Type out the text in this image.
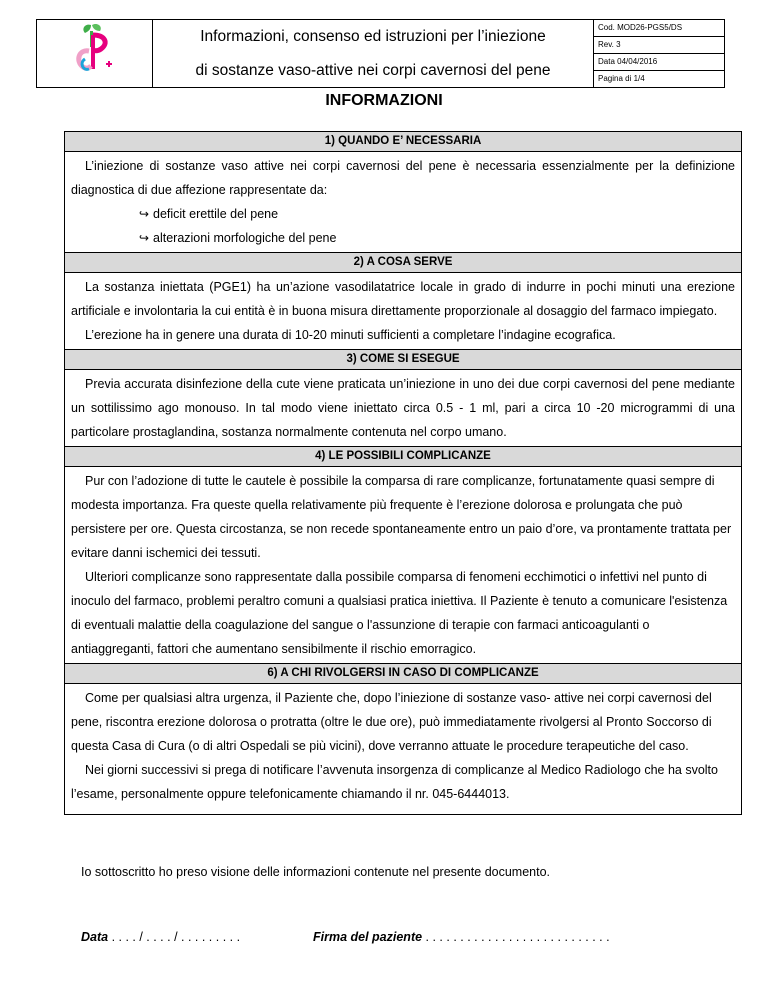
Informazioni, consenso ed istruzioni per l’iniezione
di sostanze vaso-attive nei corpi cavernosi del pene

Cod. MOD26-PGS5/DS
Rev. 3
Data 04/04/2016
Pagina di 1/4

INFORMAZIONI
1) QUANDO E’ NECESSARIA

L’iniezione di sostanze vaso attive nei corpi cavernosi del pene è necessaria essenzialmente per la definizione diagnostica di due affezione rappresentate da:

↪ deficit erettile del pene

↪ alterazioni morfologiche del pene

2) A COSA SERVE

La sostanza iniettata (PGE1) ha un’azione vasodilatatrice locale in grado di indurre in pochi minuti una erezione artificiale e involontaria la cui entità è in buona misura direttamente proporzionale al dosaggio del farmaco impiegato.

L’erezione ha in genere una durata di 10-20 minuti sufficienti a completare l’indagine ecografica.

3) COME SI ESEGUE

Previa accurata disinfezione della cute viene praticata un’iniezione in uno dei due corpi cavernosi del pene mediante un sottilissimo ago monouso. In tal modo viene iniettato circa 0.5 - 1 ml, pari a circa 10 -20 microgrammi di una particolare prostaglandina, sostanza normalmente contenuta nel corpo umano.

4) LE POSSIBILI COMPLICANZE

Pur con l’adozione di tutte le cautele è possibile la comparsa di rare complicanze, fortunatamente quasi sempre di modesta importanza. Fra queste quella relativamente più frequente è l’erezione dolorosa e prolungata che può persistere per ore. Questa circostanza, se non recede spontaneamente entro un paio d’ore, va prontamente trattata per evitare danni ischemici dei tessuti.

Ulteriori complicanze sono rappresentate dalla possibile comparsa di fenomeni ecchimotici o infettivi nel punto di inoculo del farmaco, problemi peraltro comuni a qualsiasi pratica iniettiva. Il Paziente è tenuto a comunicare l'esistenza di eventuali malattie della coagulazione del sangue o l'assunzione di terapie con farmaci anticoagulanti o antiaggreganti, fattori che aumentano sensibilmente il rischio emorragico.

6) A CHI RIVOLGERSI IN CASO DI COMPLICANZE

Come per qualsiasi altra urgenza, il Paziente che, dopo l’iniezione di sostanze vaso- attive nei corpi cavernosi del pene, riscontra erezione dolorosa o protratta (oltre le due ore), può immediatamente rivolgersi al Pronto Soccorso di questa Casa di Cura (o di altri Ospedali se più vicini), dove verranno attuate le procedure terapeutiche del caso.

Nei giorni successivi si prega di notificare l’avvenuta insorgenza di complicanze al Medico Radiologo che ha svolto l’esame, personalmente oppure telefonicamente chiamando il nr. 045-6444013.

Io sottoscritto ho preso visione delle informazioni contenute nel presente documento.
Data . . . . / . . . . / . . . . . . . . .	Firma del paziente . . . . . . . . . . . . . . . . . . . . . . . . . . .
